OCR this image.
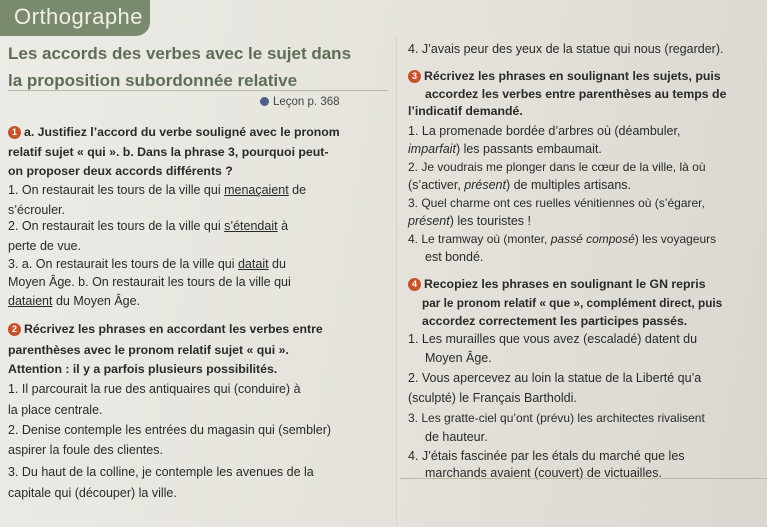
Orthographe
Les accords des verbes avec le sujet dans
la proposition subordonnée relative
Leçon p. 368
1 a. Justifiez l’accord du verbe souligné avec le pronom
relatif sujet « qui ». b. Dans la phrase 3, pourquoi peut-
on proposer deux accords différents ?
1. On restaurait les tours de la ville qui menaçaient de
s’écrouler.
2. On restaurait les tours de la ville qui s’étendait à
perte de vue.
3. a. On restaurait les tours de la ville qui datait du
Moyen Âge. b. On restaurait les tours de la ville qui
dataient du Moyen Âge.
2 Récrivez les phrases en accordant les verbes entre
parenthèses avec le pronom relatif sujet « qui ».
Attention : il y a parfois plusieurs possibilités.
1. Il parcourait la rue des antiquaires qui (conduire) à
la place centrale.
2. Denise contemple les entrées du magasin qui (sembler)
aspirer la foule des clientes.
3. Du haut de la colline, je contemple les avenues de la
capitale qui (découper) la ville.
4. J’avais peur des yeux de la statue qui nous (regarder).
3 Récrivez les phrases en soulignant les sujets, puis
accordez les verbes entre parenthèses au temps de
l’indicatif demandé.
1. La promenade bordée d’arbres où (déambuler,
imparfait) les passants embaumait.
2. Je voudrais me plonger dans le cœur de la ville, là où
(s’activer, présent) de multiples artisans.
3. Quel charme ont ces ruelles vénitiennes où (s’égarer,
présent) les touristes !
4. Le tramway où (monter, passé composé) les voyageurs
est bondé.
4 Recopiez les phrases en soulignant le GN repris
par le pronom relatif « que », complément direct, puis
accordez correctement les participes passés.
1. Les murailles que vous avez (escaladé) datent du
Moyen Âge.
2. Vous apercevez au loin la statue de la Liberté qu’a
(sculpté) le Français Bartholdi.
3. Les gratte-ciel qu’ont (prévu) les architectes rivalisent
de hauteur.
4. J’étais fascinée par les étals du marché que les
marchands avaient (couvert) de victuailles.
